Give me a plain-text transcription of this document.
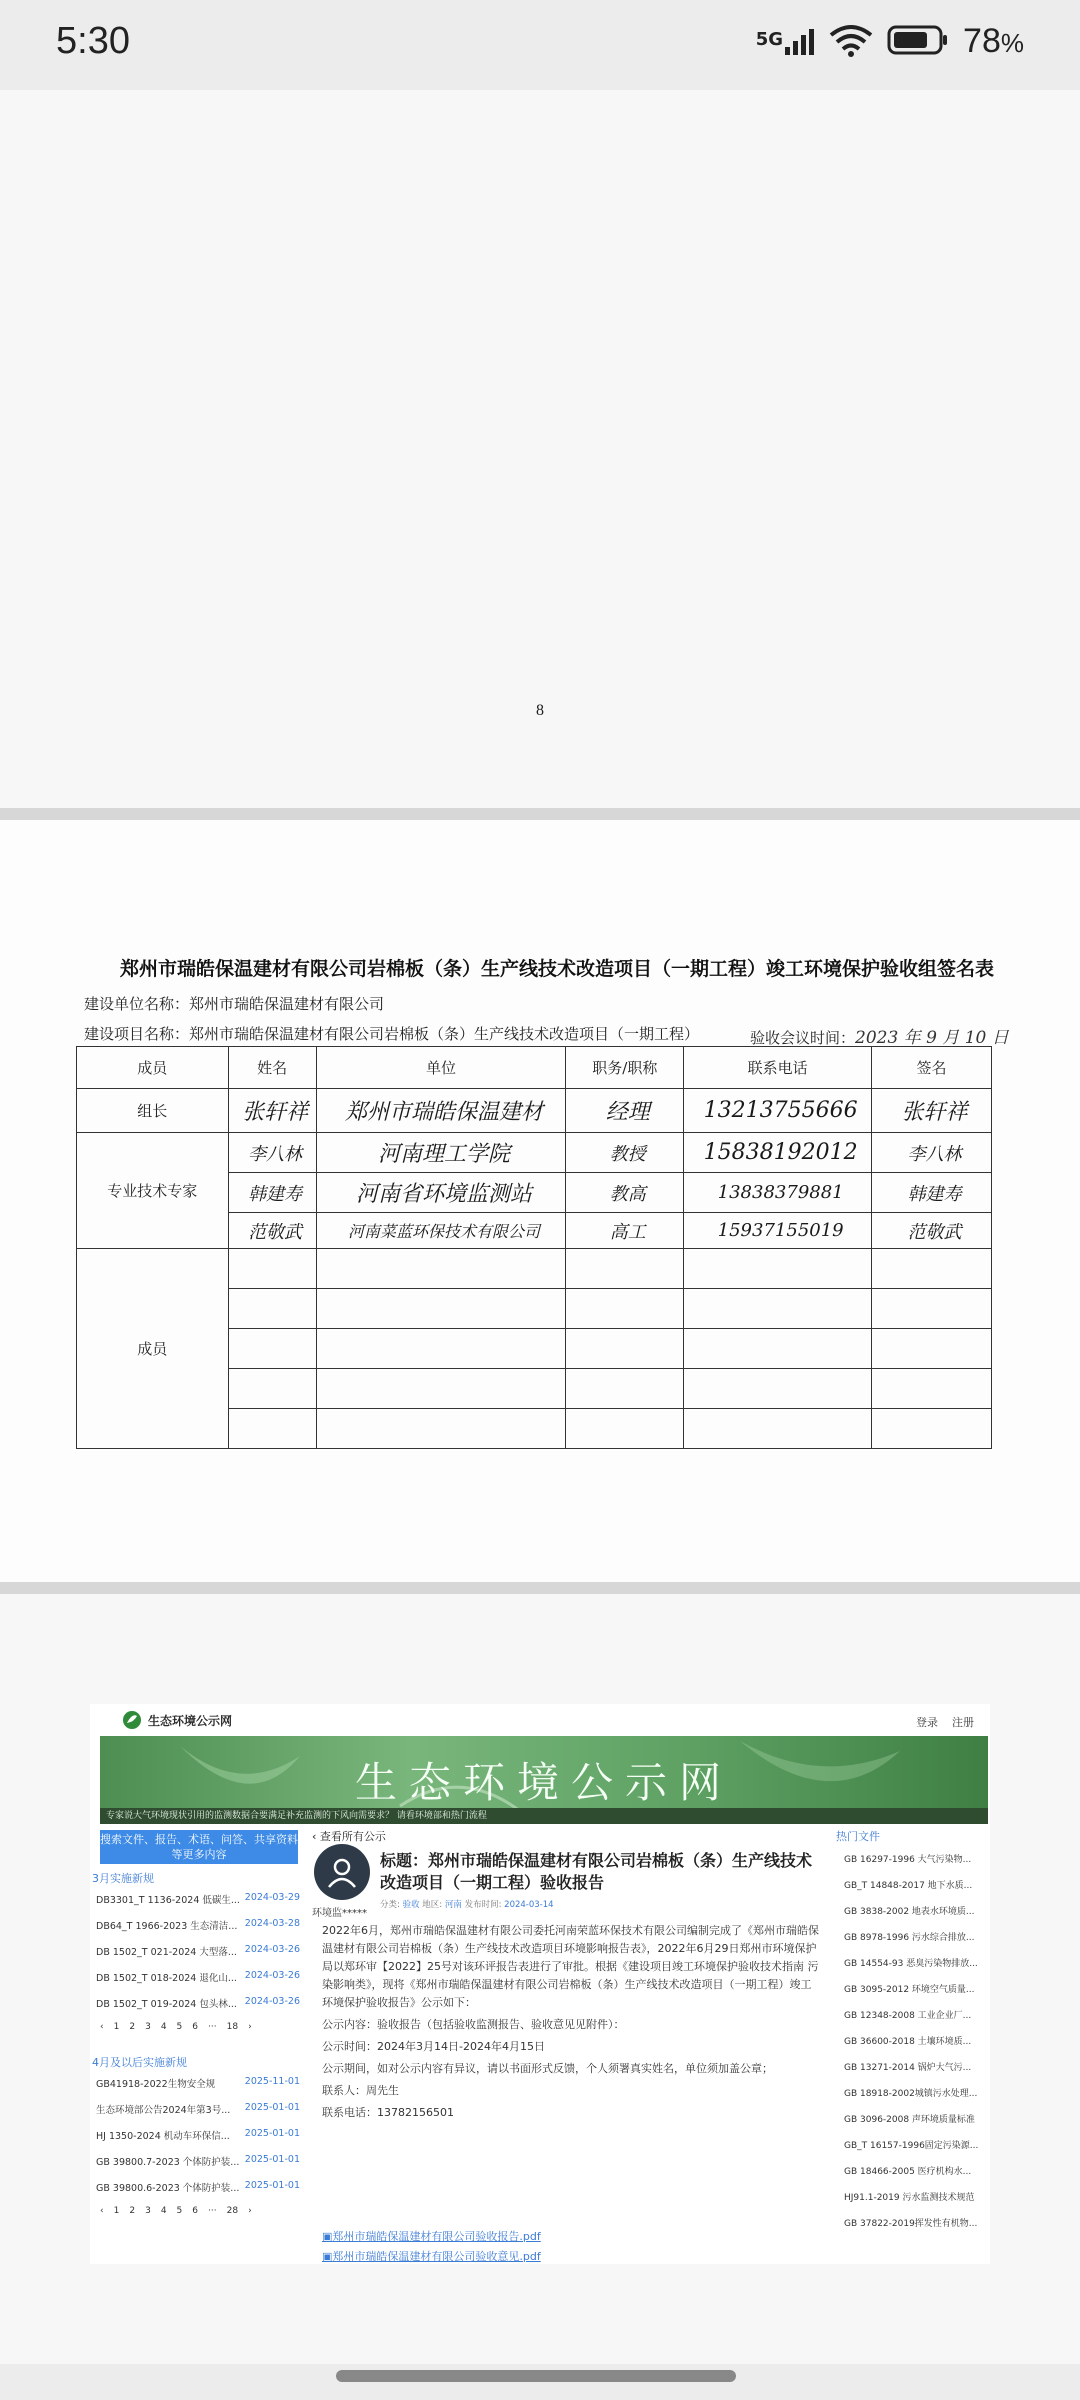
5:30	5G	78%
8
郑州市瑞皓保温建材有限公司岩棉板（条）生产线技术改造项目（一期工程）竣工环境保护验收组签名表
建设单位名称：郑州市瑞皓保温建材有限公司
建设项目名称：郑州市瑞皓保温建材有限公司岩棉板（条）生产线技术改造项目（一期工程）	验收会议时间：2023 年 9 月 10 日
成员	姓名	单位	职务/职称	联系电话	签名
组长	张轩祥	郑州市瑞皓保温建材	经理	13213755666	张轩祥
专业技术专家	李八林	河南理工学院	教授	15838192012	李八林
	韩建寿	河南省环境监测站	教高	13838379881	韩建寿
	范敬武	河南菜蓝环保技术有限公司	高工	15937155019	范敬武
成员					

生态环境公示网	登录 注册
生态环境公示网
专家说大气环境现状引用的监测数据合要满足补充监测的下风向需要求？ 请看环境部和热门流程
搜索文件、报告、术语、问答、共享资料等更多内容
3月实施新规
DB3301_T 1136-2024 低碳生... 2024-03-29
DB64_T 1966-2023 生态清洁... 2024-03-28
DB 1502_T 021-2024 大型落... 2024-03-26
DB 1502_T 018-2024 退化山... 2024-03-26
DB 1502_T 019-2024 包头林... 2024-03-26
‹ 1 2 3 4 5 6 ··· 18 ›
4月及以后实施新规
GB41918-2022生物安全规	2025-11-01
生态环境部公告2024年第3号... 2025-01-01
HJ 1350-2024 机动车环保信... 2025-01-01
GB 39800.7-2023 个体防护装... 2025-01-01
GB 39800.6-2023 个体防护装... 2025-01-01
‹ 1 2 3 4 5 6 ··· 28 ›
‹ 查看所有公示
环境监*****
标题：郑州市瑞皓保温建材有限公司岩棉板（条）生产线技术改造项目（一期工程）验收报告
分类: 验收 地区: 河南 发布时间: 2024-03-14

2022年6月，郑州市瑞皓保温建材有限公司委托河南荣蓝环保技术有限公司编制完成了《郑州市瑞皓保温建材有限公司岩棉板（条）生产线技术改造项目环境影响报告表》，2022年6月29日郑州市环境保护局以郑环审【2022】25号对该环评报告表进行了审批。根据《建设项目竣工环境保护验收技术指南 污染影响类》，现将《郑州市瑞皓保温建材有限公司岩棉板（条）生产线技术改造项目（一期工程）竣工环境保护验收报告》公示如下：

公示内容：验收报告（包括验收监测报告、验收意见见附件）：

公示时间：2024年3月14日-2024年4月15日

公示期间，如对公示内容有异议，请以书面形式反馈，个人须署真实姓名，单位须加盖公章；

联系人：周先生

联系电话：13782156501

▣郑州市瑞皓保温建材有限公司验收报告.pdf
▣郑州市瑞皓保温建材有限公司验收意见.pdf
热门文件
GB 16297-1996 大气污染物...
GB_T 14848-2017 地下水质...
GB 3838-2002 地表水环境质...
GB 8978-1996 污水综合排放...
GB 14554-93 恶臭污染物排放...
GB 3095-2012 环境空气质量...
GB 12348-2008 工业企业厂...
GB 36600-2018 土壤环境质...
GB 13271-2014 锅炉大气污...
GB 18918-2002城镇污水处理...
GB 3096-2008 声环境质量标准
GB_T 16157-1996固定污染源...
GB 18466-2005 医疗机构水...
HJ91.1-2019 污水监测技术规范
GB 37822-2019挥发性有机物...
